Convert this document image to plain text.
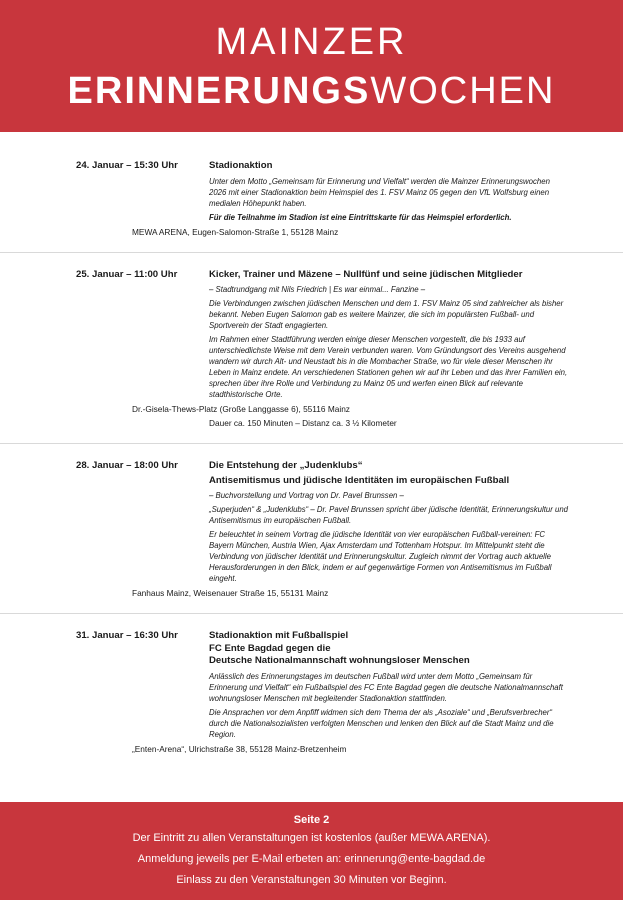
MAINZER
ERINNERUNGSWOCHEN
24. Januar – 15:30 Uhr	Stadionaktion
Unter dem Motto „Gemeinsam für Erinnerung und Vielfalt“ werden die Mainzer Erinnerungswochen 2026 mit einer Stadionaktion beim Heimspiel des 1. FSV Mainz 05 gegen den VfL Wolfsburg einen medialen Höhepunkt haben.
Für die Teilnahme im Stadion ist eine Eintrittskarte für das Heimspiel erforderlich.
MEWA ARENA, Eugen-Salomon-Straße 1, 55128 Mainz
25. Januar – 11:00 Uhr	Kicker, Trainer und Mäzene – Nullfünf und seine jüdischen Mitglieder
– Stadtrundgang mit Nils Friedrich | Es war einmal... Fanzine –
Die Verbindungen zwischen jüdischen Menschen und dem 1. FSV Mainz 05 sind zahlreicher als bisher bekannt. Neben Eugen Salomon gab es weitere Mainzer, die sich im populärsten Fußball- und Sportverein der Stadt engagierten.
Im Rahmen einer Stadtführung werden einige dieser Menschen vorgestellt, die bis 1933 auf unterschiedlichste Weise mit dem Verein verbunden waren. Vom Gründungsort des Vereins ausgehend wandern wir durch Alt- und Neustadt bis in die Mombacher Straße, wo für viele dieser Menschen ihr Leben in Mainz endete. An verschiedenen Stationen gehen wir auf ihr Leben und das ihrer Familien ein, sprechen über ihre Rolle und Verbindung zu Mainz 05 und werfen einen Blick auf relevante stadthistorische Orte.
Dr.-Gisela-Thews-Platz (Große Langgasse 6), 55116 Mainz
Dauer ca. 150 Minuten – Distanz ca. 3 ½ Kilometer
28. Januar – 18:00 Uhr	Die Entstehung der „Judenklubs“
Antisemitismus und jüdische Identitäten im europäischen Fußball
– Buchvorstellung und Vortrag von Dr. Pavel Brunssen –
„Superjuden“ & „Judenklubs“ – Dr. Pavel Brunssen spricht über jüdische Identität, Erinnerungskultur und Antisemitismus im europäischen Fußball.
Er beleuchtet in seinem Vortrag die jüdische Identität von vier europäischen Fußball-vereinen: FC Bayern München, Austria Wien, Ajax Amsterdam und Tottenham Hotspur. Im Mittelpunkt steht die Verbindung von jüdischer Identität und Erinnerungskultur. Zugleich nimmt der Vortrag auch aktuelle Herausforderungen in den Blick, indem er auf gegenwärtige Formen von Antisemitismus im Fußball eingeht.
Fanhaus Mainz, Weisenauer Straße 15, 55131 Mainz
31. Januar – 16:30 Uhr	Stadionaktion mit Fußballspiel
FC Ente Bagdad gegen die
Deutsche Nationalmannschaft wohnungsloser Menschen
Anlässlich des Erinnerungstages im deutschen Fußball wird unter dem Motto „Gemeinsam für Erinnerung und Vielfalt“ ein Fußballspiel des FC Ente Bagdad gegen die deutsche Nationalmannschaft wohnungsloser Menschen mit begleitender Stadionaktion stattfinden.
Die Ansprachen vor dem Anpfiff widmen sich dem Thema der als „Asoziale“ und „Berufsverbrecher“ durch die Nationalsozialisten verfolgten Menschen und lenken den Blick auf die Stadt Mainz und die Region.
„Enten-Arena“, Ulrichstraße 38, 55128 Mainz-Bretzenheim
Seite 2
Der Eintritt zu allen Veranstaltungen ist kostenlos (außer MEWA ARENA).
Anmeldung jeweils per E-Mail erbeten an: erinnerung@ente-bagdad.de
Einlass zu den Veranstaltungen 30 Minuten vor Beginn.
